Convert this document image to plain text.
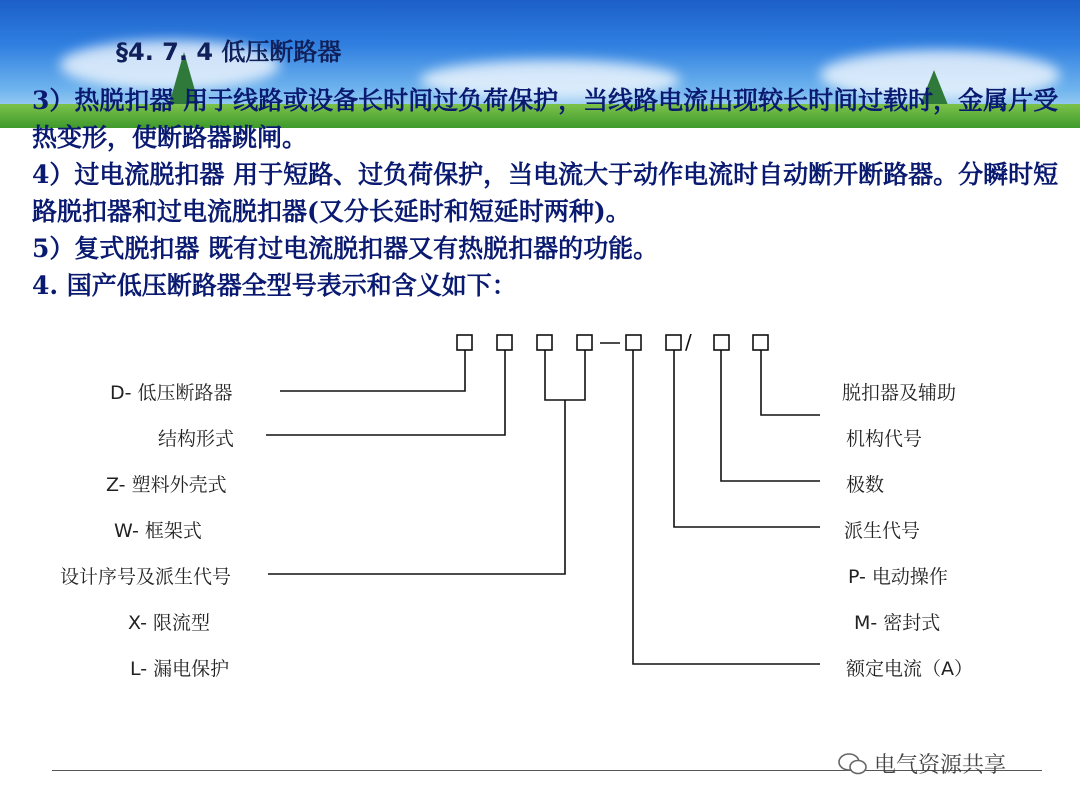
§4. 7. 4 低压断路器

3）热脱扣器 用于线路或设备长时间过负荷保护，当线路电流出现较长时间过载时，金属片受热变形，使断路器跳闸。

4）过电流脱扣器 用于短路、过负荷保护，当电流大于动作电流时自动断开断路器。分瞬时短路脱扣器和过电流脱扣器(又分长延时和短延时两种)。

5）复式脱扣器 既有过电流脱扣器又有热脱扣器的功能。

4. 国产低压断路器全型号表示和含义如下：

/
D- 低压断路器
结构形式
Z- 塑料外壳式
W- 框架式
设计序号及派生代号
X- 限流型
L- 漏电保护
脱扣器及辅助
机构代号
极数
派生代号
P- 电动操作
M- 密封式
额定电流（A）
电气资源共享
